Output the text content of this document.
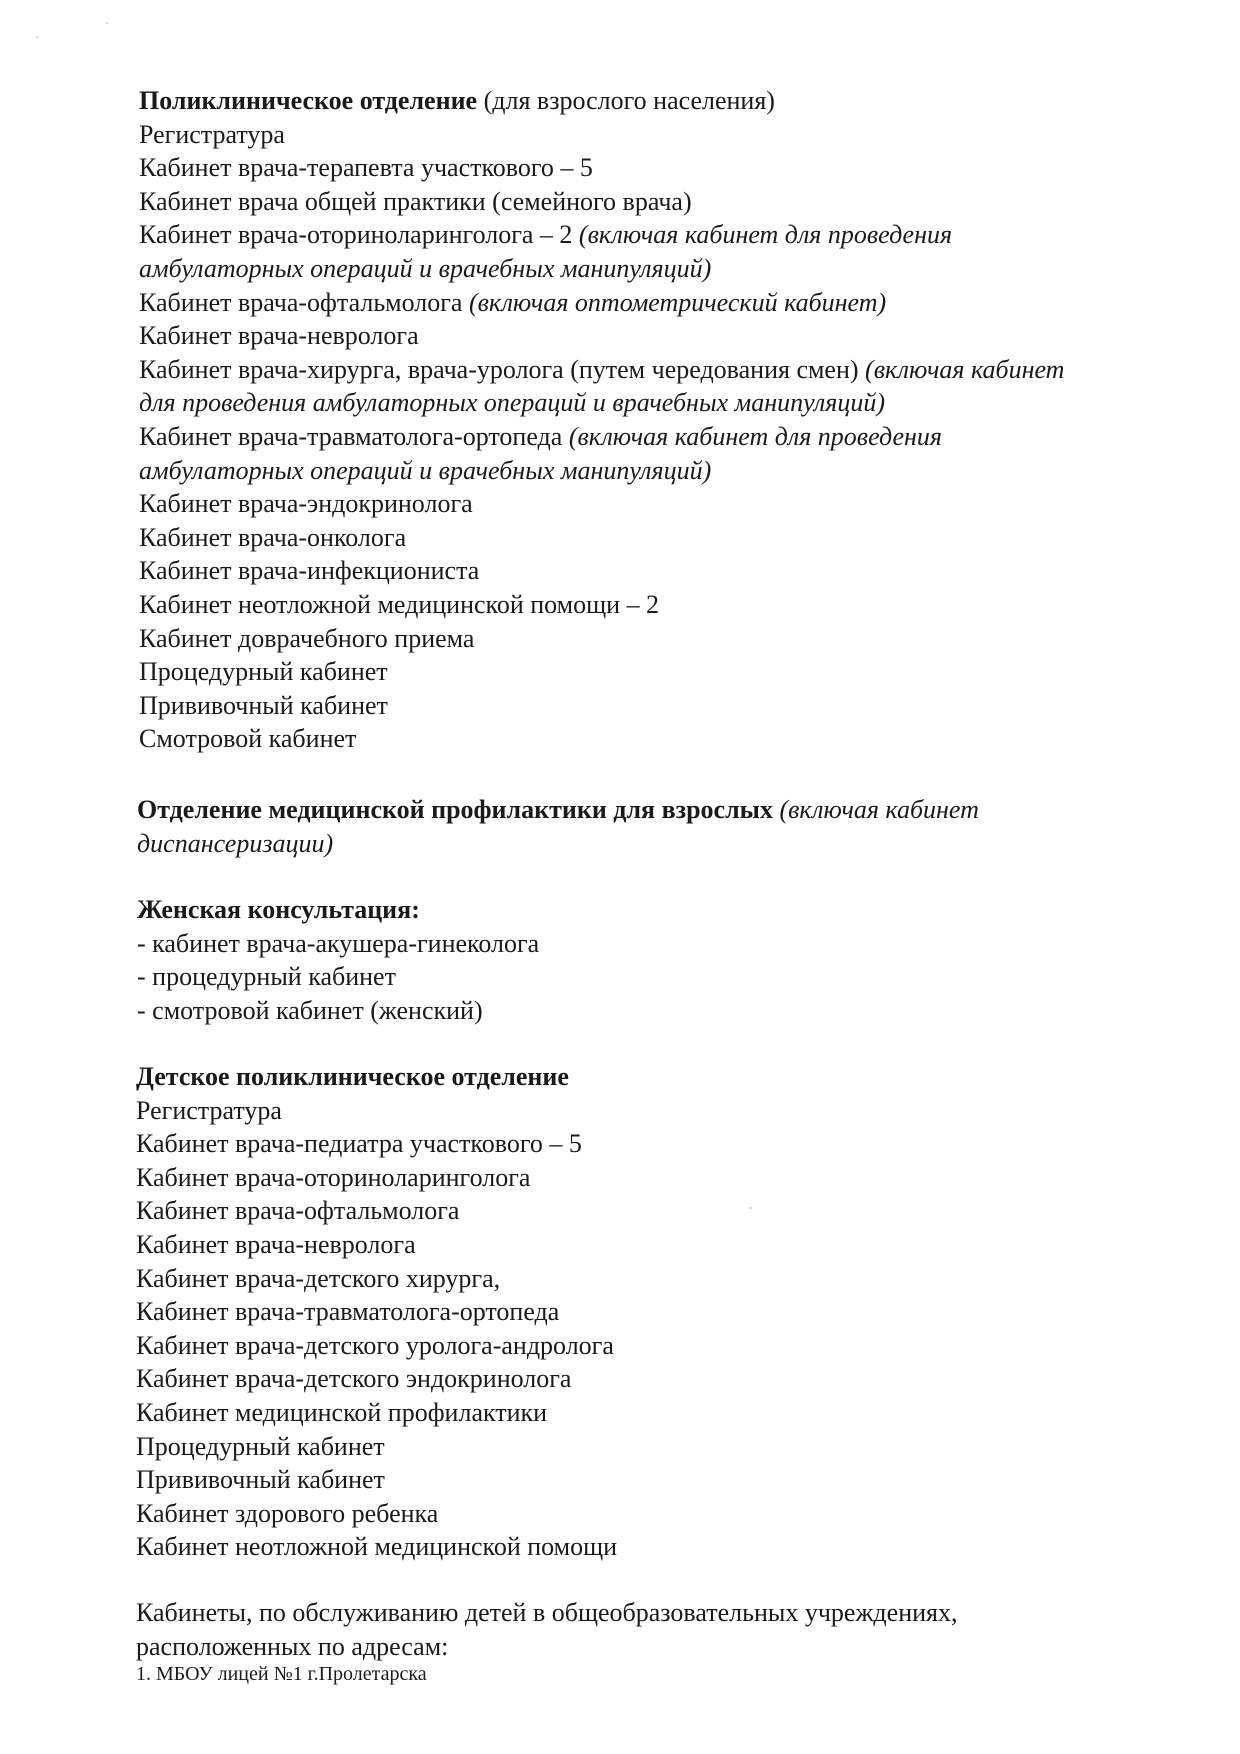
Поликлиническое отделение (для взрослого населения)

Регистратура

Кабинет врача-терапевта участкового – 5

Кабинет врача общей практики (семейного врача)

Кабинет врача-оториноларинголога – 2 (включая кабинет для проведения

амбулаторных операций и врачебных манипуляций)

Кабинет врача-офтальмолога (включая оптометрический кабинет)

Кабинет врача-невролога

Кабинет врача-хирурга, врача-уролога (путем чередования смен) (включая кабинет

для проведения амбулаторных операций и врачебных манипуляций)

Кабинет врача-травматолога-ортопеда (включая кабинет для проведения

амбулаторных операций и врачебных манипуляций)

Кабинет врача-эндокринолога

Кабинет врача-онколога

Кабинет врача-инфекциониста

Кабинет неотложной медицинской помощи – 2

Кабинет доврачебного приема

Процедурный кабинет

Прививочный кабинет

Смотровой кабинет

Отделение медицинской профилактики для взрослых (включая кабинет

диспансеризации)

Женская консультация:

- кабинет врача-акушера-гинеколога

- процедурный кабинет

- смотровой кабинет (женский)

Детское поликлиническое отделение

Регистратура

Кабинет врача-педиатра участкового – 5

Кабинет врача-оториноларинголога

Кабинет врача-офтальмолога

Кабинет врача-невролога

Кабинет врача-детского хирурга,

Кабинет врача-травматолога-ортопеда

Кабинет врача-детского уролога-андролога

Кабинет врача-детского эндокринолога

Кабинет медицинской профилактики

Процедурный кабинет

Прививочный кабинет

Кабинет здорового ребенка

Кабинет неотложной медицинской помощи

Кабинеты, по обслуживанию детей в общеобразовательных учреждениях,

расположенных по адресам:

1. МБОУ лицей №1 г.Пролетарска
